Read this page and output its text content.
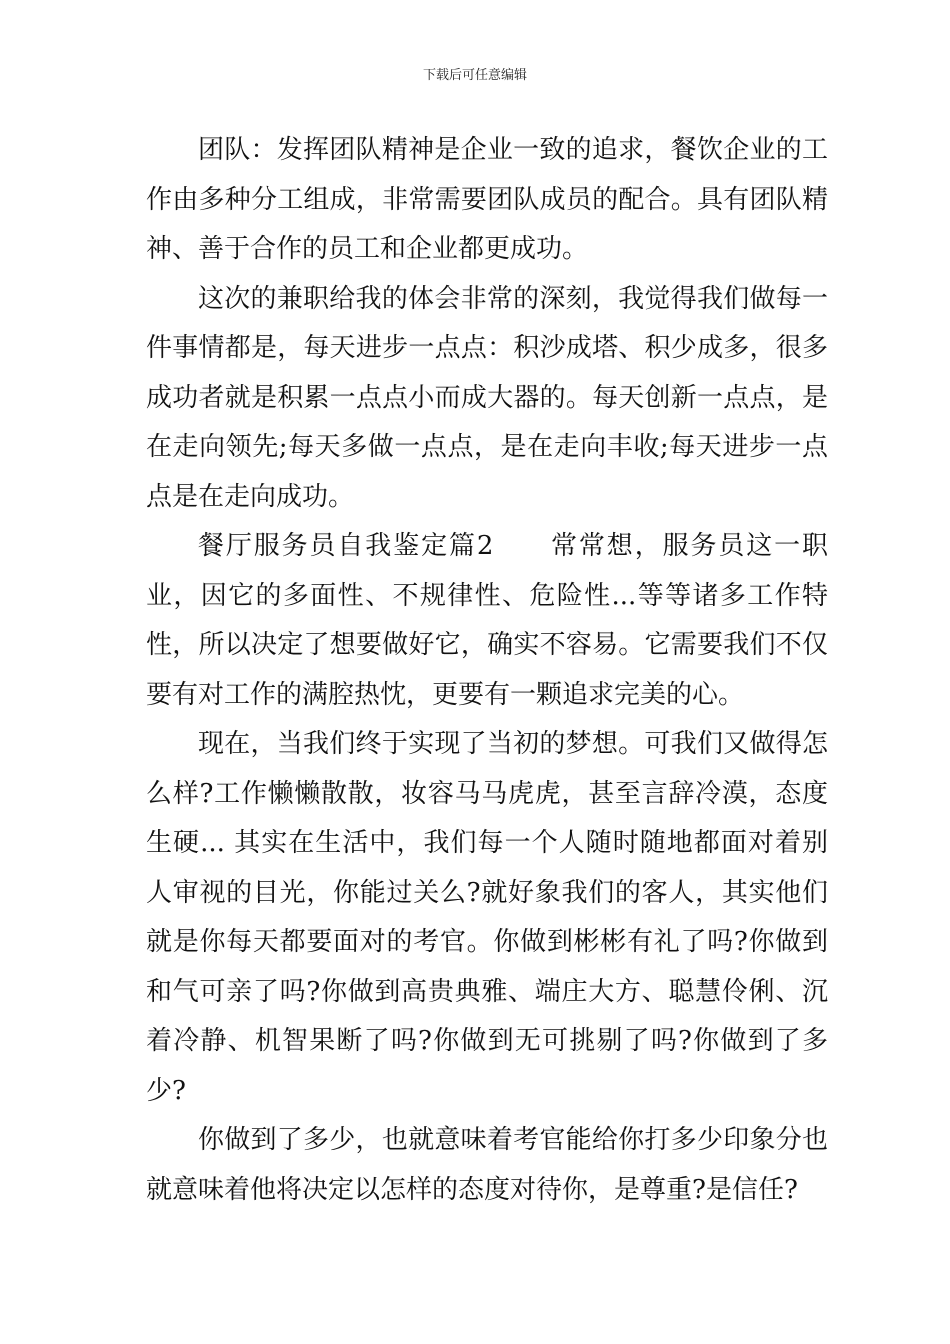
下载后可任意编辑

团队：发挥团队精神是企业一致的追求，餐饮企业的工作由多种分工组成，非常需要团队成员的配合。具有团队精神、善于合作的员工和企业都更成功。

这次的兼职给我的体会非常的深刻，我觉得我们做每一件事情都是，每天进步一点点：积沙成塔、积少成多，很多成功者就是积累一点点小而成大器的。每天创新一点点，是在走向领先;每天多做一点点，是在走向丰收;每天进步一点点是在走向成功。

餐厅服务员自我鉴定篇2　　常常想，服务员这一职业，因它的多面性、不规律性、危险性...等等诸多工作特性，所以决定了想要做好它，确实不容易。它需要我们不仅要有对工作的满腔热忱，更要有一颗追求完美的心。

现在，当我们终于实现了当初的梦想。可我们又做得怎么样?工作懒懒散散，妆容马马虎虎，甚至言辞冷漠，态度生硬... 其实在生活中，我们每一个人随时随地都面对着别人审视的目光，你能过关么?就好象我们的客人，其实他们就是你每天都要面对的考官。你做到彬彬有礼了吗?你做到和气可亲了吗?你做到高贵典雅、端庄大方、聪慧伶俐、沉着冷静、机智果断了吗?你做到无可挑剔了吗?你做到了多少?

你做到了多少，也就意味着考官能给你打多少印象分也就意味着他将决定以怎样的态度对待你，是尊重?是信任?
